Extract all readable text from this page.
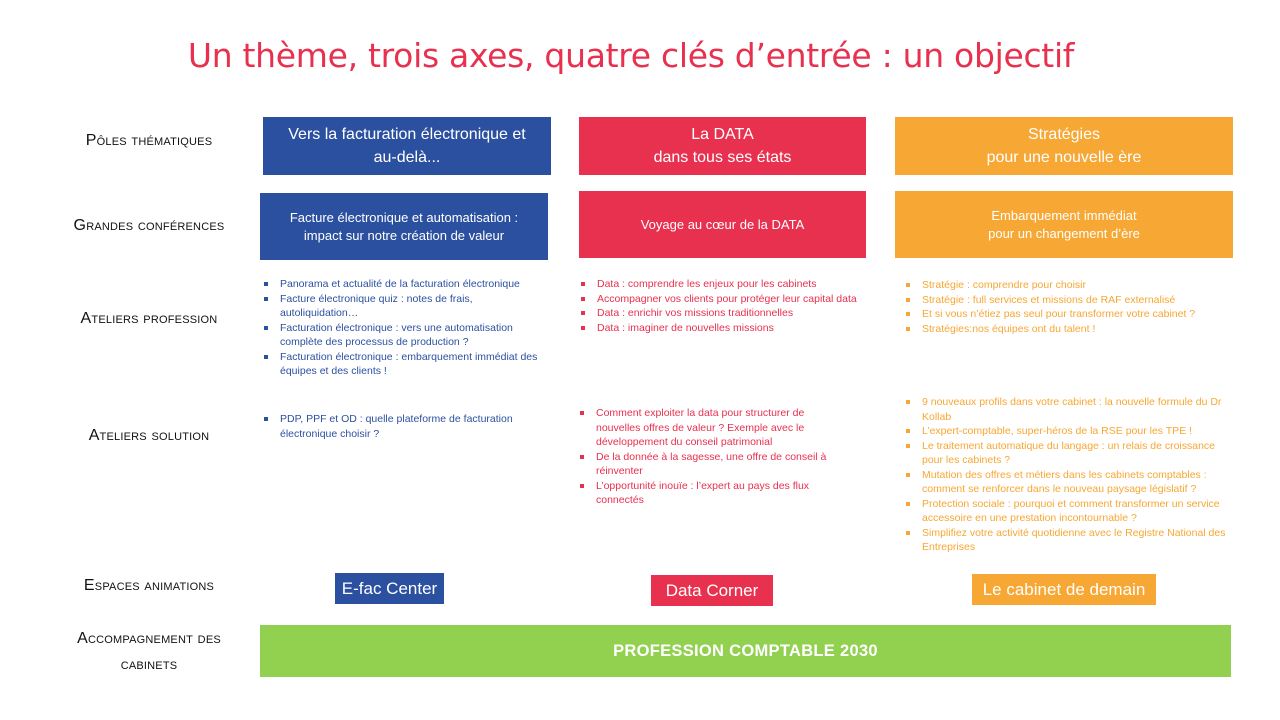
Un thème, trois axes, quatre clés d’entrée : un objectif
Pôles thématiques
Grandes conférences
Ateliers profession
Ateliers solution
Espaces animations
Accompagnement des
cabinets
Vers la facturation électronique et
au-delà...
La DATA
dans tous ses états
Stratégies
pour une nouvelle ère
Facture électronique et automatisation :
impact sur notre création de valeur
Voyage au cœur de la DATA
Embarquement immédiat
pour un changement d’ère
Panorama et actualité de la facturation électronique
Facture électronique quiz : notes de frais, autoliquidation…
Facturation électronique : vers une automatisation complète des processus de production ?
Facturation électronique : embarquement immédiat des équipes et des clients !
Data : comprendre les enjeux pour les cabinets
Accompagner vos clients pour protéger leur capital data
Data : enrichir vos missions traditionnelles
Data : imaginer de nouvelles missions
Stratégie : comprendre pour choisir
Stratégie : full services et missions de RAF externalisé
Et si vous n’étiez pas seul pour transformer votre cabinet ?
Stratégies:nos équipes ont du talent !
PDP, PPF et OD : quelle plateforme de facturation électronique choisir ?
Comment exploiter la data pour structurer de nouvelles offres de valeur ? Exemple avec le développement du conseil patrimonial
De la donnée à la sagesse, une offre de conseil à réinventer
L’opportunité inouïe : l’expert au pays des flux connectés
9 nouveaux profils dans votre cabinet : la nouvelle formule du Dr Kollab
L’expert-comptable, super-héros de la RSE pour les TPE !
Le traitement automatique du langage : un relais de croissance pour les cabinets ?
Mutation des offres et métiers dans les cabinets comptables : comment se renforcer dans le nouveau paysage législatif ?
Protection sociale : pourquoi et comment transformer un service accessoire en une prestation incontournable ?
Simplifiez votre activité quotidienne avec le Registre National des Entreprises
E-fac Center	Data Corner	Le cabinet de demain
PROFESSION COMPTABLE 2030
